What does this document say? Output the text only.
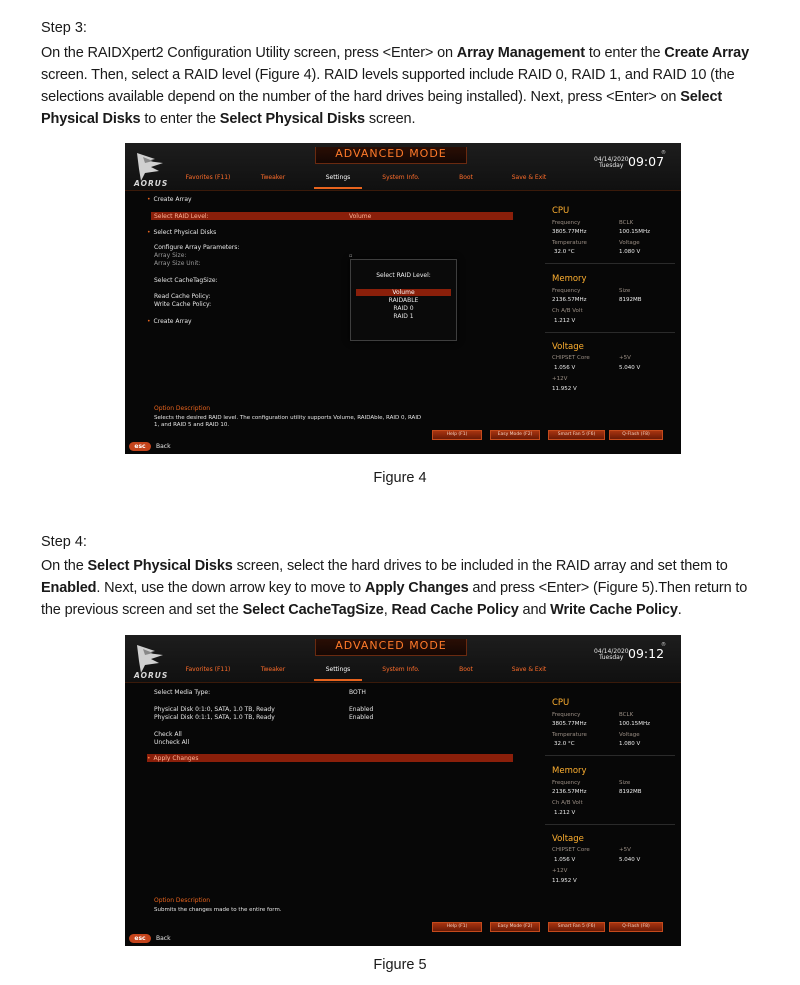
Step 3:

On the RAIDXpert2 Configuration Utility screen, press <Enter> on Array Management to enter the Create Array screen. Then, select a RAID level (Figure 4). RAID levels supported include RAID 0, RAID 1, and RAID 10 (the selections available depend on the number of the hard drives being installed). Next, press <Enter> on Select Physical Disks to enter the Select Physical Disks screen.

AORUS
ADVANCED MODE
Favorites (F11)	Tweaker	Settings	System Info.	Boot	Save & Exit
04/14/2020
Tuesday 09:07
®
• Create Array
Select RAID Level:	Volume
• Select Physical Disks
Configure Array Parameters:
Array Size:
Array Size Unit:
▫
Select CacheTagSize:
Read Cache Policy:
Write Cache Policy:
• Create Array
Select RAID Level:
Volume
RAIDABLE
RAID 0
RAID 1
CPU
Frequency	BCLK
3805.77MHz	100.15MHz
Temperature	Voltage
32.0 °C	1.080 V
Memory
Frequency	Size
2136.57MHz	8192MB
Ch A/B Volt
1.212 V
Voltage
CHIPSET Core	+5V
1.056 V	5.040 V
+12V
11.952 V
Option Description
Selects the desired RAID level. The configuration utility supports Volume, RAIDAble, RAID 0, RAID 1, and RAID 5 and RAID 10.
Help (F1)	Easy Mode (F2)	Smart Fan 5 (F6)	Q-Flash (F8)
esc	Back

Figure 4

Step 4:

On the Select Physical Disks screen, select the hard drives to be included in the RAID array and set them to Enabled. Next, use the down arrow key to move to Apply Changes and press <Enter> (Figure 5).Then return to the previous screen and set the Select CacheTagSize, Read Cache Policy and Write Cache Policy.

AORUS
ADVANCED MODE
Favorites (F11)	Tweaker	Settings	System Info.	Boot	Save & Exit
04/14/2020
Tuesday 09:12
®
Select Media Type:	BOTH
Physical Disk 0:1:0, SATA, 1.0 TB, Ready	Enabled
Physical Disk 0:1:1, SATA, 1.0 TB, Ready	Enabled
Check All
Uncheck All
• Apply Changes
CPU
Frequency	BCLK
3805.77MHz	100.15MHz
Temperature	Voltage
32.0 °C	1.080 V
Memory
Frequency	Size
2136.57MHz	8192MB
Ch A/B Volt
1.212 V
Voltage
CHIPSET Core	+5V
1.056 V	5.040 V
+12V
11.952 V
Option Description
Submits the changes made to the entire form.
Help (F1)	Easy Mode (F2)	Smart Fan 5 (F6)	Q-Flash (F8)
esc	Back

Figure 5
